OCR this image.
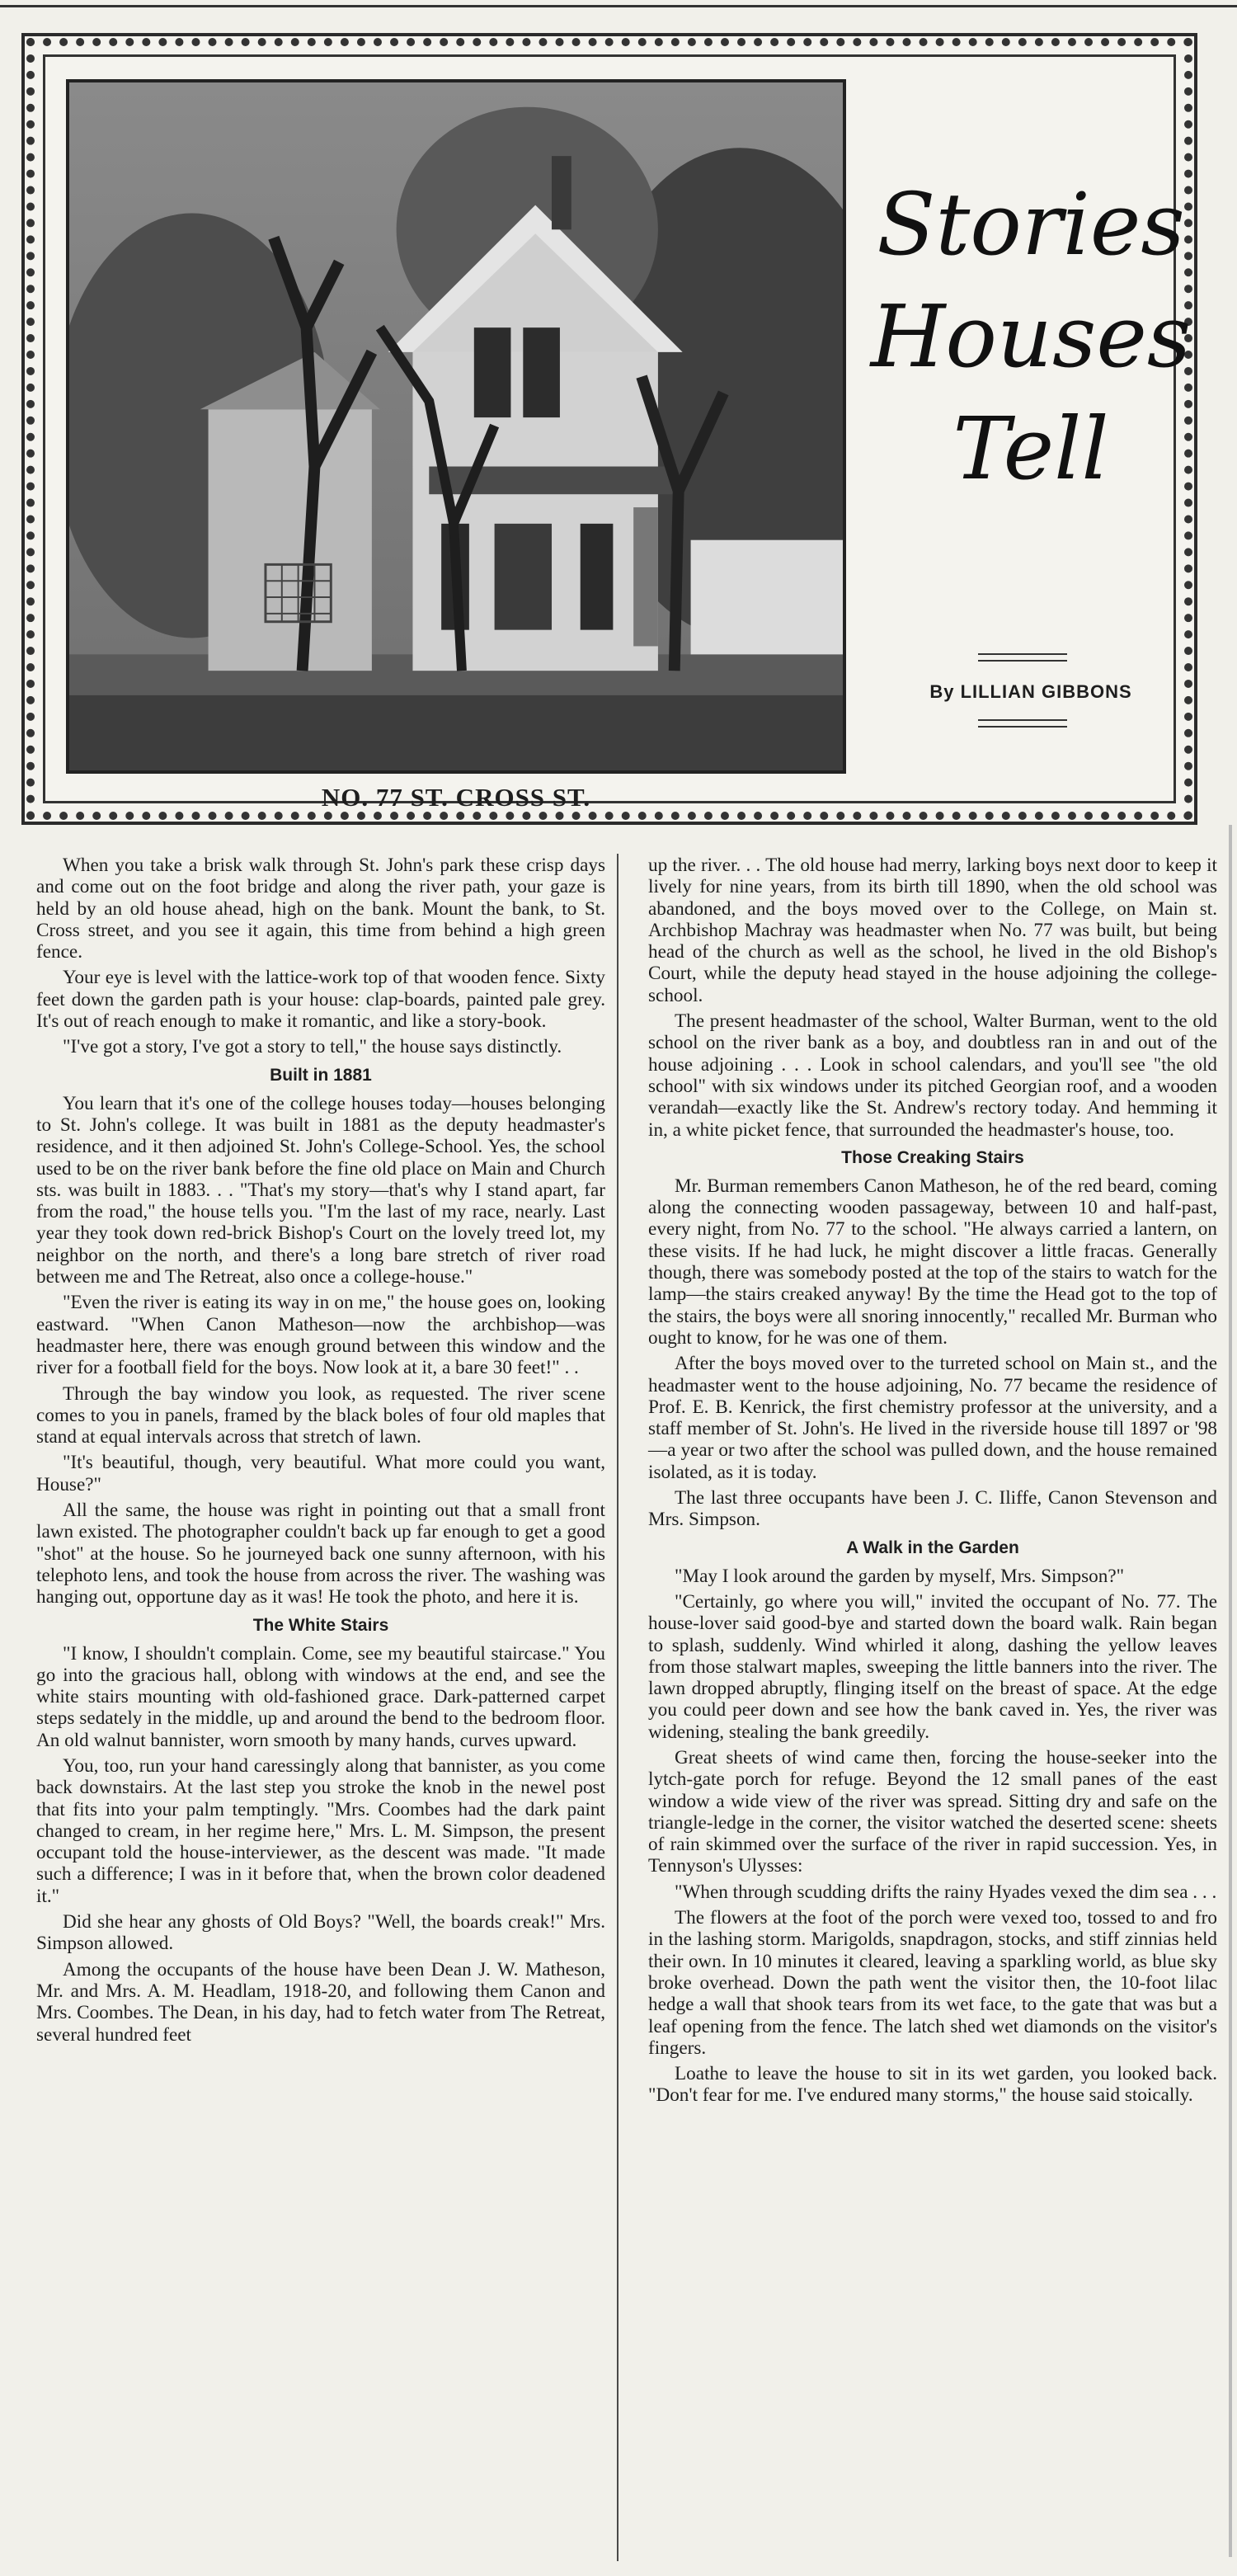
NO. 77 ST. CROSS ST.
Stories
Houses
Tell
By LILLIAN GIBBONS

When you take a brisk walk through St. John's park these crisp days and come out on the foot bridge and along the river path, your gaze is held by an old house ahead, high on the bank. Mount the bank, to St. Cross street, and you see it again, this time from behind a high green fence.

Your eye is level with the lattice-work top of that wooden fence. Sixty feet down the garden path is your house: clap-boards, painted pale grey. It's out of reach enough to make it romantic, and like a story-book.

"I've got a story, I've got a story to tell," the house says distinctly.

Built in 1881

You learn that it's one of the college houses today—houses belonging to St. John's college. It was built in 1881 as the deputy headmaster's residence, and it then adjoined St. John's College-School. Yes, the school used to be on the river bank before the fine old place on Main and Church sts. was built in 1883. . . "That's my story—that's why I stand apart, far from the road," the house tells you. "I'm the last of my race, nearly. Last year they took down red-brick Bishop's Court on the lovely treed lot, my neighbor on the north, and there's a long bare stretch of river road between me and The Retreat, also once a college-house."

"Even the river is eating its way in on me," the house goes on, looking eastward. "When Canon Matheson—now the archbishop—was headmaster here, there was enough ground between this window and the river for a football field for the boys. Now look at it, a bare 30 feet!" . .

Through the bay window you look, as requested. The river scene comes to you in panels, framed by the black boles of four old maples that stand at equal intervals across that stretch of lawn.

"It's beautiful, though, very beautiful. What more could you want, House?"

All the same, the house was right in pointing out that a small front lawn existed. The photographer couldn't back up far enough to get a good "shot" at the house. So he journeyed back one sunny afternoon, with his telephoto lens, and took the house from across the river. The washing was hanging out, opportune day as it was! He took the photo, and here it is.

The White Stairs

"I know, I shouldn't complain. Come, see my beautiful staircase." You go into the gracious hall, oblong with windows at the end, and see the white stairs mounting with old-fashioned grace. Dark-patterned carpet steps sedately in the middle, up and around the bend to the bedroom floor. An old walnut bannister, worn smooth by many hands, curves upward.

You, too, run your hand caressingly along that bannister, as you come back downstairs. At the last step you stroke the knob in the newel post that fits into your palm temptingly. "Mrs. Coombes had the dark paint changed to cream, in her regime here," Mrs. L. M. Simpson, the present occupant told the house-interviewer, as the descent was made. "It made such a difference; I was in it before that, when the brown color deadened it."

Did she hear any ghosts of Old Boys? "Well, the boards creak!" Mrs. Simpson allowed.

Among the occupants of the house have been Dean J. W. Matheson, Mr. and Mrs. A. M. Headlam, 1918-20, and following them Canon and Mrs. Coombes. The Dean, in his day, had to fetch water from The Retreat, several hundred feet

up the river. . . The old house had merry, larking boys next door to keep it lively for nine years, from its birth till 1890, when the old school was abandoned, and the boys moved over to the College, on Main st. Archbishop Machray was headmaster when No. 77 was built, but being head of the church as well as the school, he lived in the old Bishop's Court, while the deputy head stayed in the house adjoining the college-school.

The present headmaster of the school, Walter Burman, went to the old school on the river bank as a boy, and doubtless ran in and out of the house adjoining . . . Look in school calendars, and you'll see "the old school" with six windows under its pitched Georgian roof, and a wooden verandah—exactly like the St. Andrew's rectory today. And hemming it in, a white picket fence, that surrounded the headmaster's house, too.

Those Creaking Stairs

Mr. Burman remembers Canon Matheson, he of the red beard, coming along the connecting wooden passageway, between 10 and half-past, every night, from No. 77 to the school. "He always carried a lantern, on these visits. If he had luck, he might discover a little fracas. Generally though, there was somebody posted at the top of the stairs to watch for the lamp—the stairs creaked anyway! By the time the Head got to the top of the stairs, the boys were all snoring innocently," recalled Mr. Burman who ought to know, for he was one of them.

After the boys moved over to the turreted school on Main st., and the headmaster went to the house adjoining, No. 77 became the residence of Prof. E. B. Kenrick, the first chemistry professor at the university, and a staff member of St. John's. He lived in the riverside house till 1897 or '98—a year or two after the school was pulled down, and the house remained isolated, as it is today.

The last three occupants have been J. C. Iliffe, Canon Stevenson and Mrs. Simpson.

A Walk in the Garden

"May I look around the garden by myself, Mrs. Simpson?"

"Certainly, go where you will," invited the occupant of No. 77. The house-lover said good-bye and started down the board walk. Rain began to splash, suddenly. Wind whirled it along, dashing the yellow leaves from those stalwart maples, sweeping the little banners into the river. The lawn dropped abruptly, flinging itself on the breast of space. At the edge you could peer down and see how the bank caved in. Yes, the river was widening, stealing the bank greedily.

Great sheets of wind came then, forcing the house-seeker into the lytch-gate porch for refuge. Beyond the 12 small panes of the east window a wide view of the river was spread. Sitting dry and safe on the triangle-ledge in the corner, the visitor watched the deserted scene: sheets of rain skimmed over the surface of the river in rapid succession. Yes, in Tennyson's Ulysses:

"When through scudding drifts the rainy Hyades vexed the dim sea . . .

The flowers at the foot of the porch were vexed too, tossed to and fro in the lashing storm. Marigolds, snapdragon, stocks, and stiff zinnias held their own. In 10 minutes it cleared, leaving a sparkling world, as blue sky broke overhead. Down the path went the visitor then, the 10-foot lilac hedge a wall that shook tears from its wet face, to the gate that was but a leaf opening from the fence. The latch shed wet diamonds on the visitor's fingers.

Loathe to leave the house to sit in its wet garden, you looked back. "Don't fear for me. I've endured many storms," the house said stoically.
